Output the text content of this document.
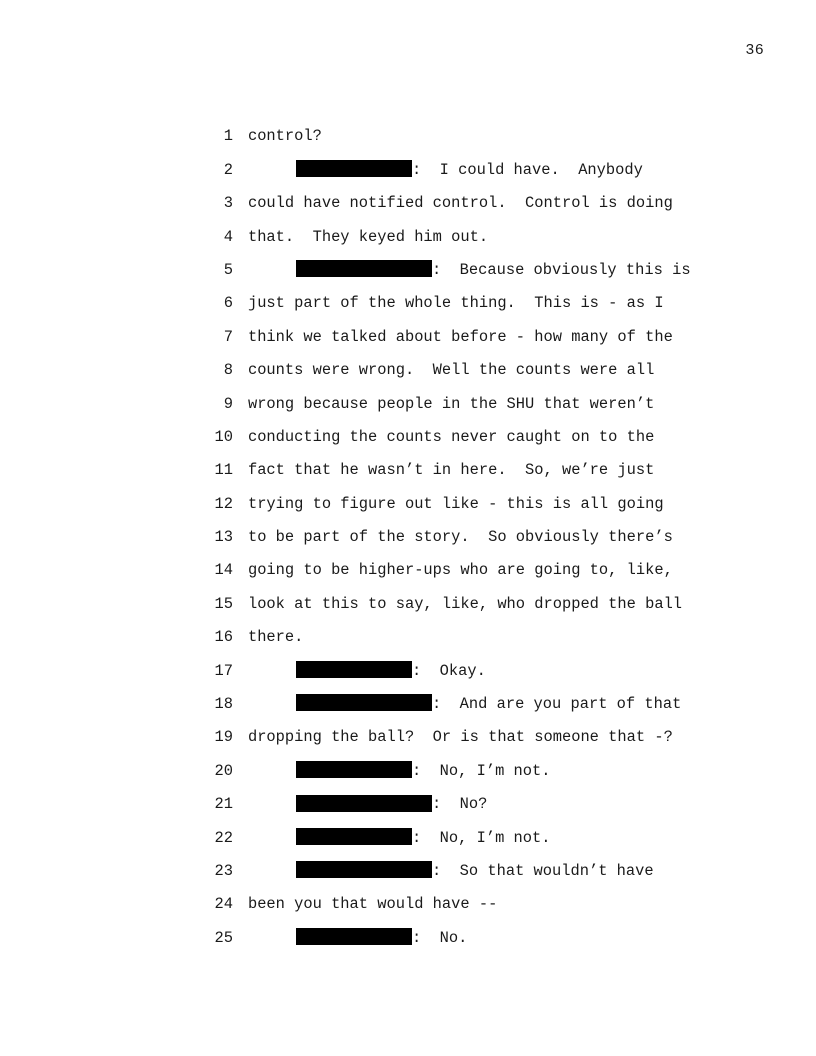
36

1 control?

2	:  I could have.  Anybody

3 could have notified control.  Control is doing

4 that.  They keyed him out.

5	:  Because obviously this is

6 just part of the whole thing.  This is - as I

7 think we talked about before - how many of the

8 counts were wrong.  Well the counts were all

9 wrong because people in the SHU that weren’t

10 conducting the counts never caught on to the

11 fact that he wasn’t in here.  So, we’re just

12 trying to figure out like - this is all going

13 to be part of the story.  So obviously there’s

14 going to be higher-ups who are going to, like,

15 look at this to say, like, who dropped the ball

16 there.

17	:  Okay.

18	:  And are you part of that

19 dropping the ball?  Or is that someone that -?

20	:  No, I’m not.

21	:  No?

22	:  No, I’m not.

23	:  So that wouldn’t have

24 been you that would have --

25	:  No.
